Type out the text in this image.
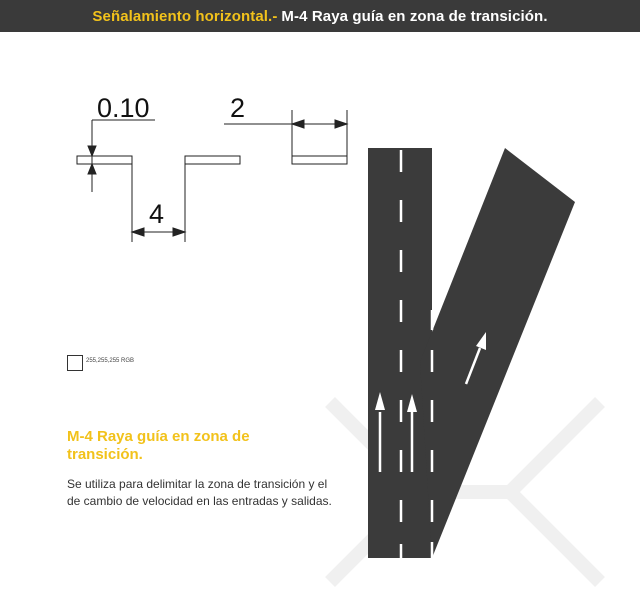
Señalamiento horizontal.- M-4 Raya guía en zona de transición.
0.10	2
4
255,255,255 RGB
M-4 Raya guía en zona de transición.
Se utiliza para delimitar la zona de transición y el de cambio de velocidad en las entradas y salidas.
